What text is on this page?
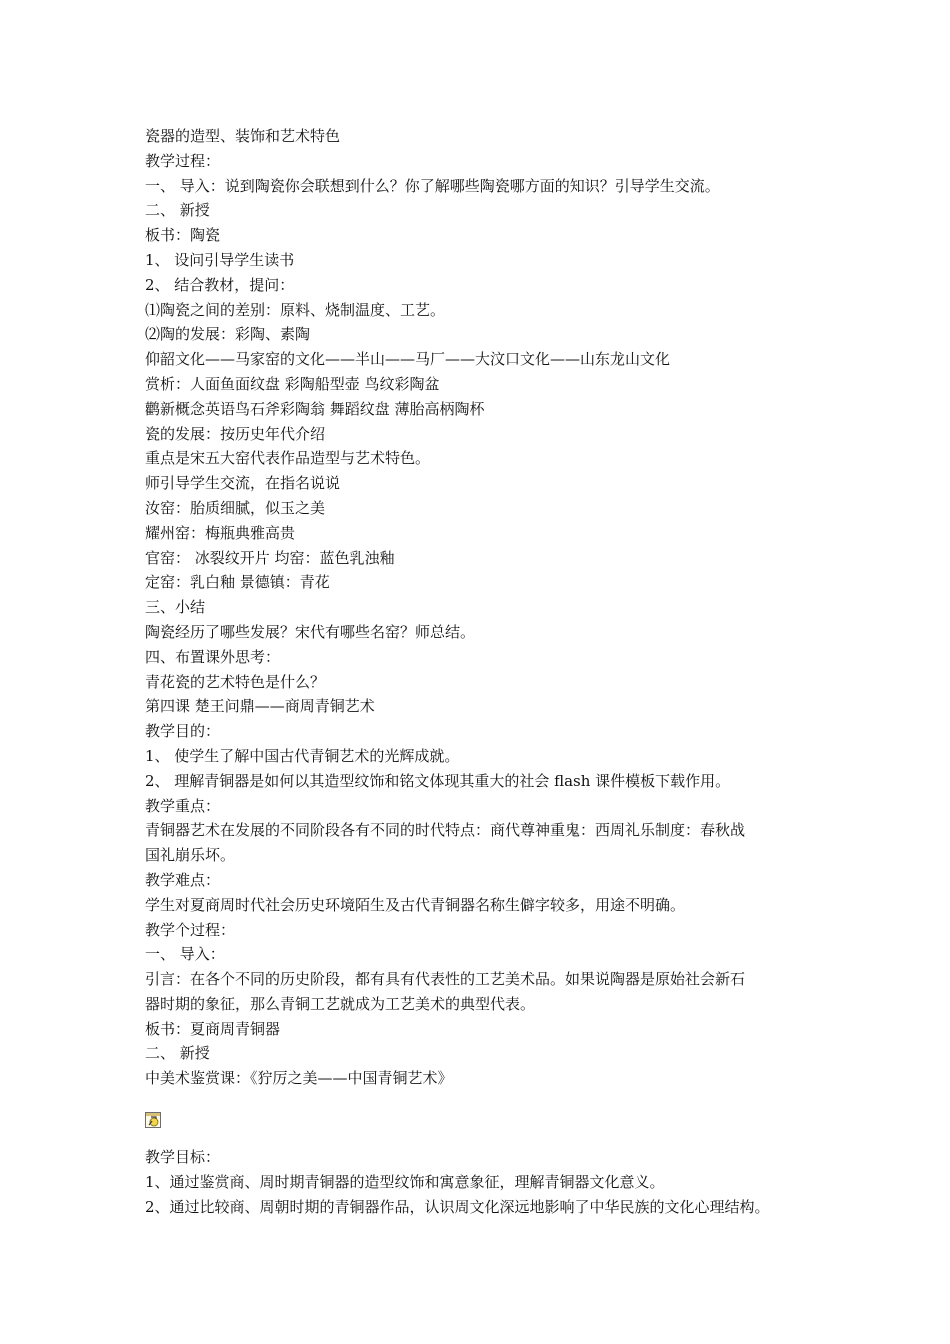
瓷器的造型、装饰和艺术特色
教学过程：
一、 导入：说到陶瓷你会联想到什么？你了解哪些陶瓷哪方面的知识？引导学生交流。
二、 新授
板书：陶瓷
1、 设问引导学生读书
2、 结合教材，提问：
⑴陶瓷之间的差别：原料、烧制温度、工艺。
⑵陶的发展：彩陶、素陶
仰韶文化——马家窑的文化——半山——马厂——大汶口文化——山东龙山文化
赏析：人面鱼面纹盘 彩陶船型壶 鸟纹彩陶盆
鹳新概念英语鸟石斧彩陶翁 舞蹈纹盘 薄胎高柄陶杯
瓷的发展：按历史年代介绍
重点是宋五大窑代表作品造型与艺术特色。
师引导学生交流，在指名说说
汝窑：胎质细腻，似玉之美
耀州窑：梅瓶典雅高贵
官窑： 冰裂纹开片 均窑：蓝色乳浊釉
定窑：乳白釉 景德镇：青花
三、小结
陶瓷经历了哪些发展？宋代有哪些名窑？师总结。
四、布置课外思考：
青花瓷的艺术特色是什么？
第四课 楚王问鼎——商周青铜艺术
教学目的：
1、 使学生了解中国古代青铜艺术的光辉成就。
2、 理解青铜器是如何以其造型纹饰和铭文体现其重大的社会 flash 课件模板下载作用。
教学重点：
青铜器艺术在发展的不同阶段各有不同的时代特点：商代尊神重鬼：西周礼乐制度：春秋战
国礼崩乐坏。
教学难点：
学生对夏商周时代社会历史环境陌生及古代青铜器名称生僻字较多，用途不明确。
教学个过程：
一、 导入：
引言：在各个不同的历史阶段，都有具有代表性的工艺美术品。如果说陶器是原始社会新石
器时期的象征，那么青铜工艺就成为工艺美术的典型代表。
板书：夏商周青铜器
二、 新授
中美术鉴赏课：《狞厉之美——中国青铜艺术》
教学目标：
1、通过鉴赏商、周时期青铜器的造型纹饰和寓意象征，理解青铜器文化意义。
2、通过比较商、周朝时期的青铜器作品，认识周文化深远地影响了中华民族的文化心理结构。
